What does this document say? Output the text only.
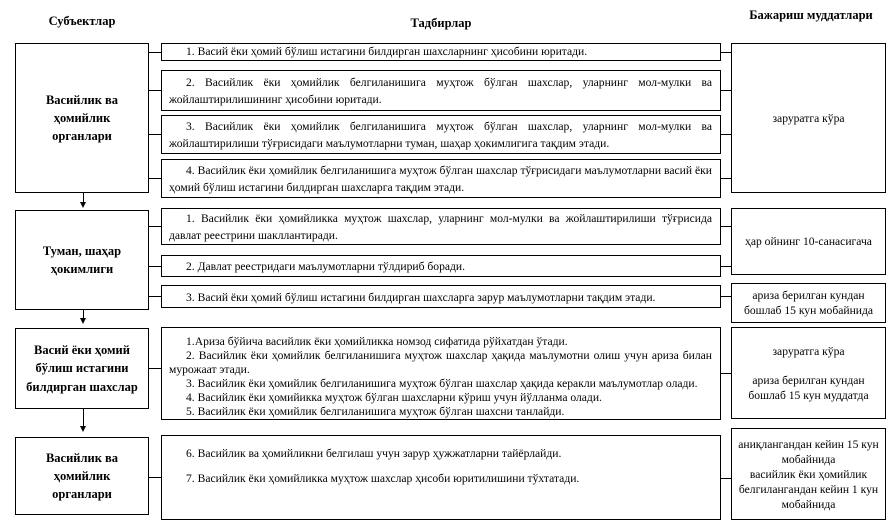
Субъектлар	Тадбирлар
Бажариш муддатлари
Васийлик ва ҳомийлик органлари

1. Васий ёки ҳомий бўлиш истагини билдирган шахсларнинг ҳисобини юритади.

2. Васийлик ёки ҳомийлик белгиланишига муҳтож бўлган шахслар, уларнинг мол-мулки ва жойлаштирилишининг ҳисобини юритади.

3. Васийлик ёки ҳомийлик белгиланишига муҳтож бўлган шахслар, уларнинг мол-мулки ва жойлаштирилиши тўғрисидаги маълумотларни туман, шаҳар ҳокимлигига тақдим этади.

4. Васийлик ёки ҳомийлик белгиланишига муҳтож бўлган шахслар тўғрисидаги маълумотларни васий ёки ҳомий бўлиш истагини билдирган шахсларга тақдим этади.

заруратга кўра
Туман, шаҳар ҳокимлиги

1. Васийлик ёки ҳомийликка муҳтож шахслар, уларнинг мол-мулки ва жойлаштирилиши тўғрисида давлат реестрини шакллантиради.

2. Давлат реестридаги маълумотларни тўлдириб боради.

3. Васий ёки ҳомий бўлиш истагини билдирган шахсларга зарур маълумотларни тақдим этади.

ҳар ойнинг 10-санасигача
ариза берилган кундан бошлаб 15 кун мобайнида
Васий ёки ҳомий бўлиш истагини билдирган шахслар

1.Ариза бўйича васийлик ёки ҳомийликка номзод сифатида рўйхатдан ўтади.

2. Васийлик ёки ҳомийлик белгиланишига муҳтож шахслар ҳақида маълумотни олиш учун ариза билан мурожаат этади.

3. Васийлик ёки ҳомийлик белгиланишига муҳтож бўлган шахслар ҳақида керакли маълумотлар олади.

4. Васийлик ёки ҳомийикка муҳтож бўлган шахсларни кўриш учун йўлланма олади.

5. Васийлик ёки ҳомийлик белгиланишига муҳтож бўлган шахсни танлайди.

заруратга кўра
ариза берилган кундан бошлаб 15 кун муддатда
Васийлик ва ҳомийлик органлари

6. Васийлик ва ҳомийликни белгилаш учун зарур ҳужжатларни тайёрлайди.

7. Васийлик ёки ҳомийликка муҳтож шахслар ҳисоби юритилишини тўхтатади.

аниқлангандан кейин 15 кун мобайнида
васийлик ёки ҳомийлик белгилангандан кейин 1 кун мобайнида
